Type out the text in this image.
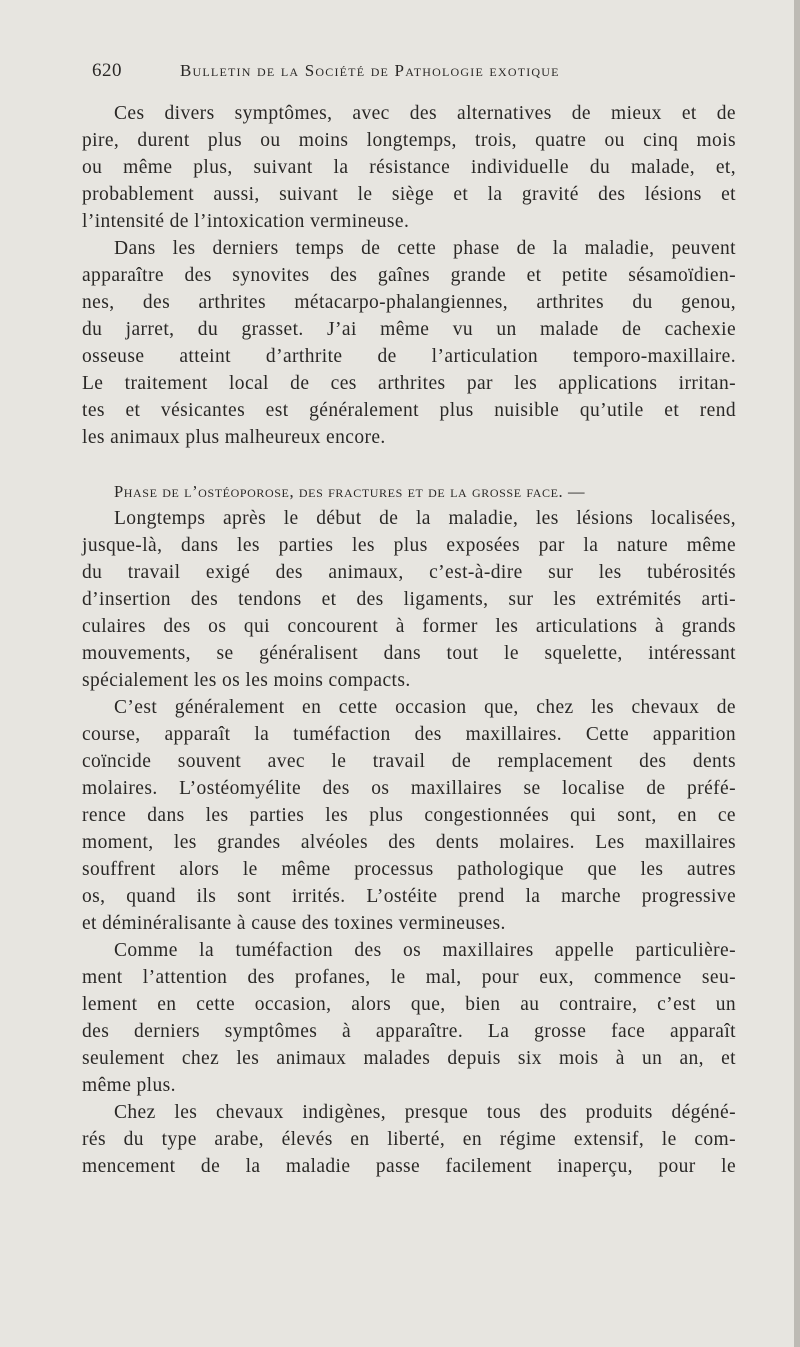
620	Bulletin de la Société de Pathologie exotique
Ces divers symptômes, avec des alternatives de mieux et de
pire, durent plus ou moins longtemps, trois, quatre ou cinq mois
ou même plus, suivant la résistance individuelle du malade, et,
probablement aussi, suivant le siège et la gravité des lésions et
l’intensité de l’intoxication vermineuse.
Dans les derniers temps de cette phase de la maladie, peuvent
apparaître des synovites des gaînes grande et petite sésamoïdien-
nes, des arthrites métacarpo-phalangiennes, arthrites du genou,
du jarret, du grasset. J’ai même vu un malade de cachexie
osseuse atteint d’arthrite de l’articulation temporo-maxillaire.
Le traitement local de ces arthrites par les applications irritan-
tes et vésicantes est généralement plus nuisible qu’utile et rend
les animaux plus malheureux encore.
Phase de l’ostéoporose, des fractures et de la grosse face. —
Longtemps après le début de la maladie, les lésions localisées,
jusque-là, dans les parties les plus exposées par la nature même
du travail exigé des animaux, c’est-à-dire sur les tubérosités
d’insertion des tendons et des ligaments, sur les extrémités arti-
culaires des os qui concourent à former les articulations à grands
mouvements, se généralisent dans tout le squelette, intéressant
spécialement les os les moins compacts.
C’est généralement en cette occasion que, chez les chevaux de
course, apparaît la tuméfaction des maxillaires. Cette apparition
coïncide souvent avec le travail de remplacement des dents
molaires. L’ostéomyélite des os maxillaires se localise de préfé-
rence dans les parties les plus congestionnées qui sont, en ce
moment, les grandes alvéoles des dents molaires. Les maxillaires
souffrent alors le même processus pathologique que les autres
os, quand ils sont irrités. L’ostéite prend la marche progressive
et déminéralisante à cause des toxines vermineuses.
Comme la tuméfaction des os maxillaires appelle particulière-
ment l’attention des profanes, le mal, pour eux, commence seu-
lement en cette occasion, alors que, bien au contraire, c’est un
des derniers symptômes à apparaître. La grosse face apparaît
seulement chez les animaux malades depuis six mois à un an, et
même plus.
Chez les chevaux indigènes, presque tous des produits dégéné-
rés du type arabe, élevés en liberté, en régime extensif, le com-
mencement de la maladie passe facilement inaperçu, pour le
